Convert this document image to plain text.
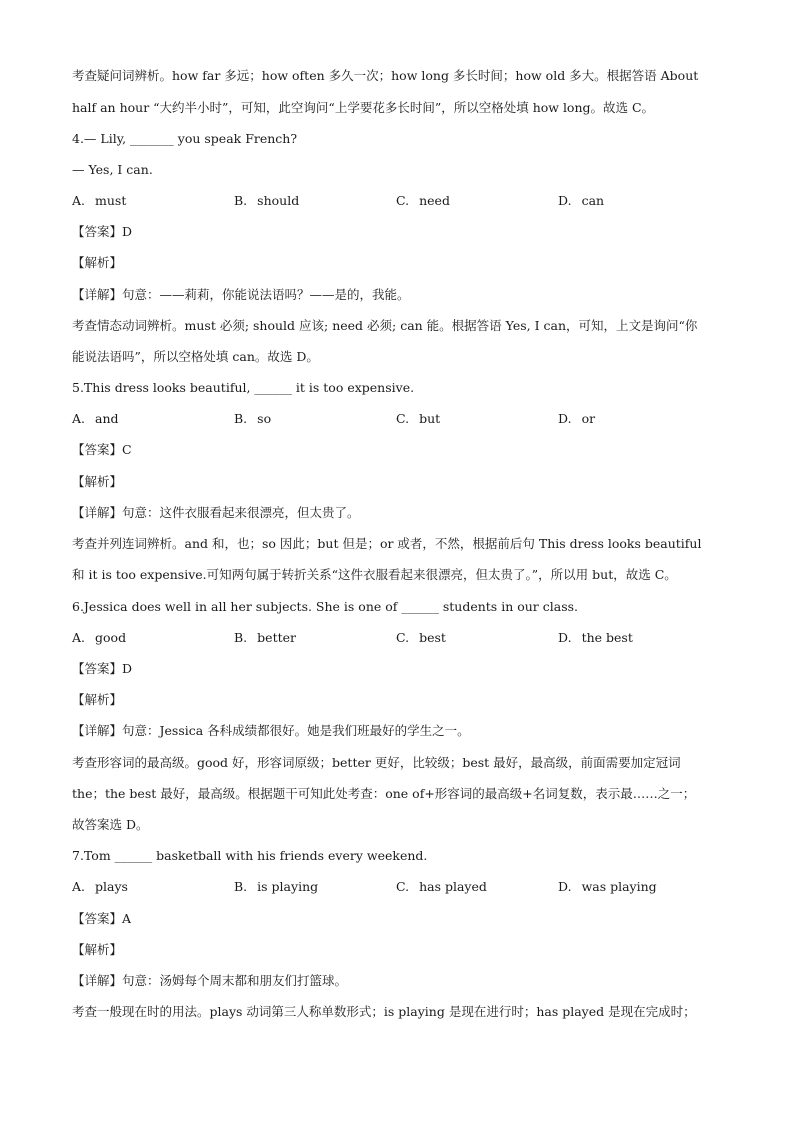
考查疑问词辨析。how far 多远；how often 多久一次；how long 多长时间；how old 多大。根据答语 About
half an hour “大约半小时”，可知，此空询问“上学要花多长时间”，所以空格处填 how long。故选 C。
4.— Lily, _______ you speak French?
— Yes, I can.
A. must	B. should	C. need	D. can
【答案】D
【解析】
【详解】句意：——莉莉，你能说法语吗？——是的，我能。
考查情态动词辨析。must 必须; should 应该; need 必须; can 能。根据答语 Yes, I can，可知，上文是询问“你
能说法语吗”，所以空格处填 can。故选 D。
5.This dress looks beautiful, ______ it is too expensive.
A. and	B. so	C. but	D. or
【答案】C
【解析】
【详解】句意：这件衣服看起来很漂亮，但太贵了。
考查并列连词辨析。and 和，也；so 因此；but 但是；or 或者，不然，根据前后句 This dress looks beautiful
和 it is too expensive.可知两句属于转折关系“这件衣服看起来很漂亮，但太贵了。”，所以用 but，故选 C。
6.Jessica does well in all her subjects. She is one of ______ students in our class.
A. good	B. better	C. best	D. the best
【答案】D
【解析】
【详解】句意：Jessica 各科成绩都很好。她是我们班最好的学生之一。
考查形容词的最高级。good 好，形容词原级；better 更好，比较级；best 最好，最高级，前面需要加定冠词
the；the best 最好，最高级。根据题干可知此处考查：one of+形容词的最高级+名词复数，表示最……之一；
故答案选 D。
7.Tom ______ basketball with his friends every weekend.
A. plays	B. is playing	C. has played	D. was playing
【答案】A
【解析】
【详解】句意：汤姆每个周末都和朋友们打篮球。
考查一般现在时的用法。plays 动词第三人称单数形式；is playing 是现在进行时；has played 是现在完成时；
